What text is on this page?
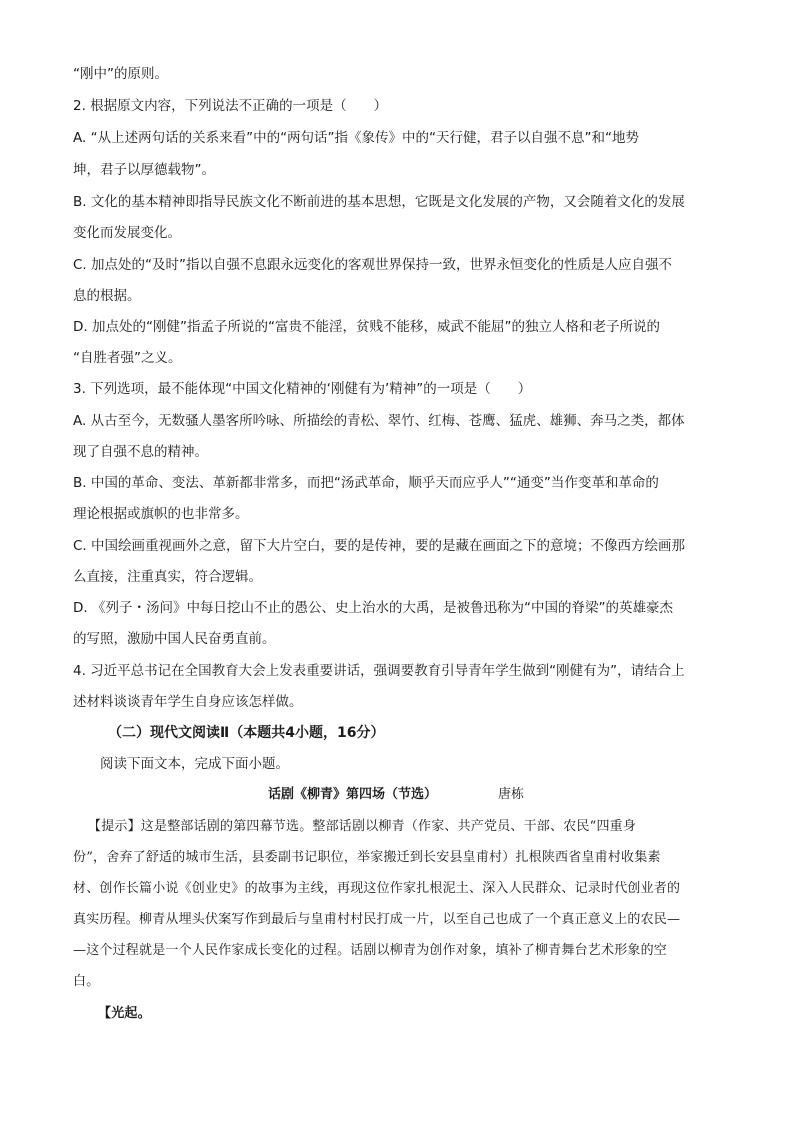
“刚中”的原则。
2. 根据原文内容，下列说法不正确的一项是（　　）
A. “从上述两句话的关系来看”中的“两句话”指《象传》中的“天行健，君子以自强不息”和“地势
坤，君子以厚德载物”。
B. 文化的基本精神即指导民族文化不断前进的基本思想，它既是文化发展的产物，又会随着文化的发展
变化而发展变化。
C. 加点处的“及时”指以自强不息跟永远变化的客观世界保持一致，世界永恒变化的性质是人应自强不
息的根据。
D. 加点处的“刚健”指孟子所说的“富贵不能淫，贫贱不能移，威武不能屈”的独立人格和老子所说的
“自胜者强”之义。
3. 下列选项，最不能体现“中国文化精神的‘刚健有为’精神”的一项是（　　）
A. 从古至今，无数骚人墨客所吟咏、所描绘的青松、翠竹、红梅、苍鹰、猛虎、雄狮、奔马之类，都体
现了自强不息的精神。
B. 中国的革命、变法、革新都非常多，而把“汤武革命，顺乎天而应乎人”“通变”当作变革和革命的
理论根据或旗帜的也非常多。
C. 中国绘画重视画外之意，留下大片空白，要的是传神，要的是藏在画面之下的意境；不像西方绘画那
么直接，注重真实，符合逻辑。
D. 《列子・汤问》中每日挖山不止的愚公、史上治水的大禹，是被鲁迅称为“中国的脊梁”的英雄豪杰
的写照，激励中国人民奋勇直前。
4. 习近平总书记在全国教育大会上发表重要讲话，强调要教育引导青年学生做到“刚健有为”，请结合上
述材料谈谈青年学生自身应该怎样做。
（二）现代文阅读Ⅱ（本题共4小题，16分）
阅读下面文本，完成下面小题。
话剧《柳青》第四场（节选）	唐栋
【提示】这是整部话剧的第四幕节选。整部话剧以柳青（作家、共产党员、干部、农民“四重身
份”，舍弃了舒适的城市生活，县委副书记职位，举家搬迁到长安县皇甫村）扎根陕西省皇甫村收集素
材、创作长篇小说《创业史》的故事为主线，再现这位作家扎根泥土、深入人民群众、记录时代创业者的
真实历程。柳青从埋头伏案写作到最后与皇甫村村民打成一片，以至自己也成了一个真正意义上的农民—
—这个过程就是一个人民作家成长变化的过程。话剧以柳青为创作对象，填补了柳青舞台艺术形象的空
白。
【光起。
